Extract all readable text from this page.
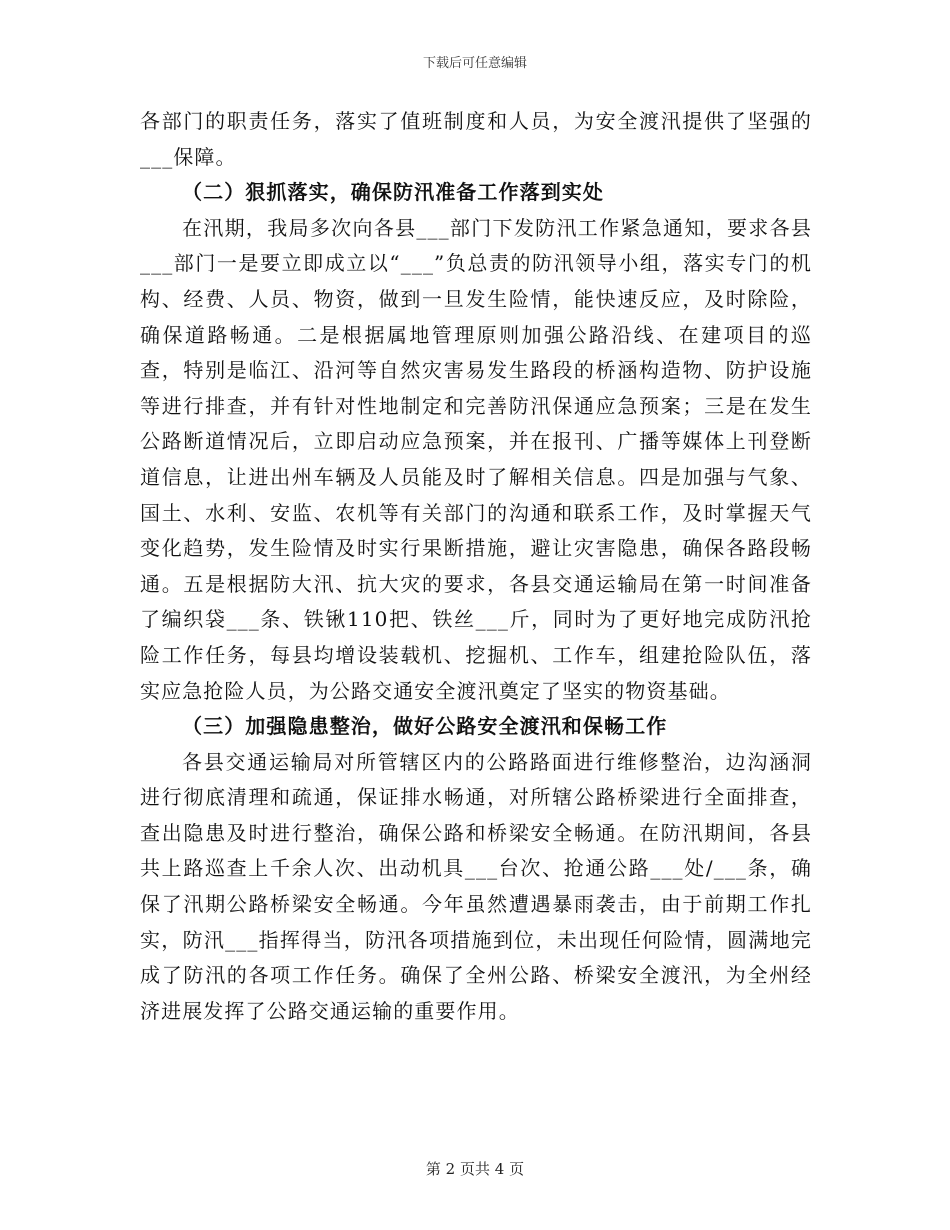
下载后可任意编辑

各部门的职责任务，落实了值班制度和人员，为安全渡汛提供了坚强的___保障。

（二）狠抓落实，确保防汛准备工作落到实处

在汛期，我局多次向各县___部门下发防汛工作紧急通知，要求各县___部门一是要立即成立以“___”负总责的防汛领导小组，落实专门的机构、经费、人员、物资，做到一旦发生险情，能快速反应，及时除险，确保道路畅通。二是根据属地管理原则加强公路沿线、在建项目的巡查，特别是临江、沿河等自然灾害易发生路段的桥涵构造物、防护设施等进行排查，并有针对性地制定和完善防汛保通应急预案；三是在发生公路断道情况后，立即启动应急预案，并在报刊、广播等媒体上刊登断道信息，让进出州车辆及人员能及时了解相关信息。四是加强与气象、国土、水利、安监、农机等有关部门的沟通和联系工作，及时掌握天气变化趋势，发生险情及时实行果断措施，避让灾害隐患，确保各路段畅通。五是根据防大汛、抗大灾的要求，各县交通运输局在第一时间准备了编织袋___条、铁锹110把、铁丝___斤，同时为了更好地完成防汛抢险工作任务，每县均增设装载机、挖掘机、工作车，组建抢险队伍，落实应急抢险人员，为公路交通安全渡汛奠定了坚实的物资基础。

（三）加强隐患整治，做好公路安全渡汛和保畅工作

各县交通运输局对所管辖区内的公路路面进行维修整治，边沟涵洞进行彻底清理和疏通，保证排水畅通，对所辖公路桥梁进行全面排查，查出隐患及时进行整治，确保公路和桥梁安全畅通。在防汛期间，各县共上路巡查上千余人次、出动机具___台次、抢通公路___处/___条，确保了汛期公路桥梁安全畅通。今年虽然遭遇暴雨袭击，由于前期工作扎实，防汛___指挥得当，防汛各项措施到位，未出现任何险情，圆满地完成了防汛的各项工作任务。确保了全州公路、桥梁安全渡汛，为全州经济进展发挥了公路交通运输的重要作用。

第 2 页共 4 页
